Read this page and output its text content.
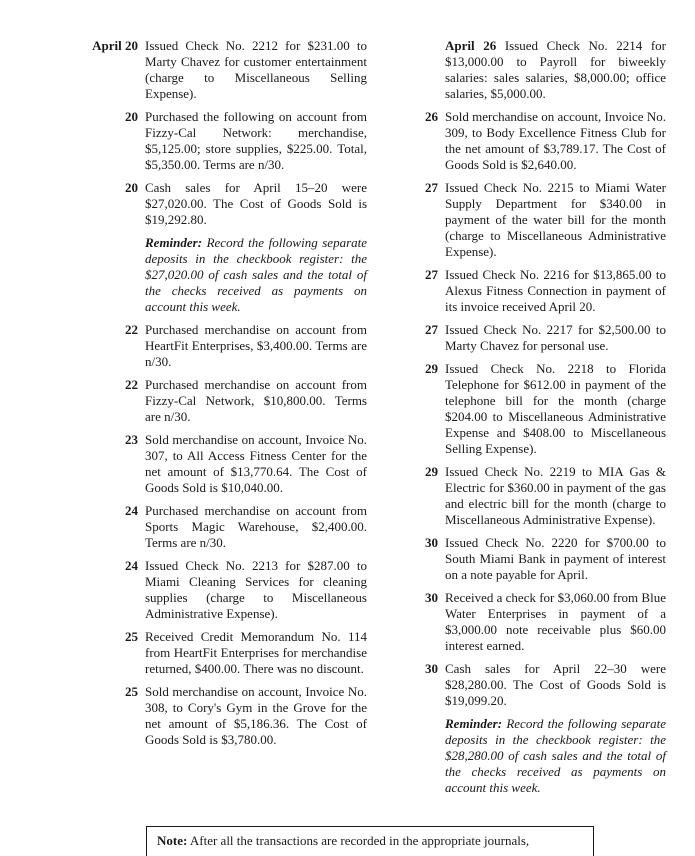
April 20 Issued Check No. 2212 for $231.00 to Marty Chavez for customer entertainment (charge to Miscellaneous Selling Expense).
20 Purchased the following on account from Fizzy-Cal Network: merchandise, $5,125.00; store supplies, $225.00. Total, $5,350.00. Terms are n/30.
20 Cash sales for April 15–20 were $27,020.00. The Cost of Goods Sold is $19,292.80.
Reminder: Record the following separate deposits in the checkbook register: the $27,020.00 of cash sales and the total of the checks received as payments on account this week.
22 Purchased merchandise on account from HeartFit Enterprises, $3,400.00. Terms are n/30.
22 Purchased merchandise on account from Fizzy-Cal Network, $10,800.00. Terms are n/30.
23 Sold merchandise on account, Invoice No. 307, to All Access Fitness Center for the net amount of $13,770.64. The Cost of Goods Sold is $10,040.00.
24 Purchased merchandise on account from Sports Magic Warehouse, $2,400.00. Terms are n/30.
24 Issued Check No. 2213 for $287.00 to Miami Cleaning Services for cleaning supplies (charge to Miscellaneous Administrative Expense).
25 Received Credit Memorandum No. 114 from HeartFit Enterprises for merchandise returned, $400.00. There was no discount.
25 Sold merchandise on account, Invoice No. 308, to Cory's Gym in the Grove for the net amount of $5,186.36. The Cost of Goods Sold is $3,780.00.
April 26 Issued Check No. 2214 for $13,000.00 to Payroll for biweekly salaries: sales salaries, $8,000.00; office salaries, $5,000.00.
26 Sold merchandise on account, Invoice No. 309, to Body Excellence Fitness Club for the net amount of $3,789.17. The Cost of Goods Sold is $2,640.00.
27 Issued Check No. 2215 to Miami Water Supply Department for $340.00 in payment of the water bill for the month (charge to Miscellaneous Administrative Expense).
27 Issued Check No. 2216 for $13,865.00 to Alexus Fitness Connection in payment of its invoice received April 20.
27 Issued Check No. 2217 for $2,500.00 to Marty Chavez for personal use.
29 Issued Check No. 2218 to Florida Telephone for $612.00 in payment of the telephone bill for the month (charge $204.00 to Miscellaneous Administrative Expense and $408.00 to Miscellaneous Selling Expense).
29 Issued Check No. 2219 to MIA Gas & Electric for $360.00 in payment of the gas and electric bill for the month (charge to Miscellaneous Administrative Expense).
30 Issued Check No. 2220 for $700.00 to South Miami Bank in payment of interest on a note payable for April.
30 Received a check for $3,060.00 from Blue Water Enterprises in payment of a $3,000.00 note receivable plus $60.00 interest earned.
30 Cash sales for April 22–30 were $28,280.00. The Cost of Goods Sold is $19,099.20.
Reminder: Record the following separate deposits in the checkbook register: the $28,280.00 of cash sales and the total of the checks received as payments on account this week.
Note: After all the transactions are recorded in the appropriate journals,
